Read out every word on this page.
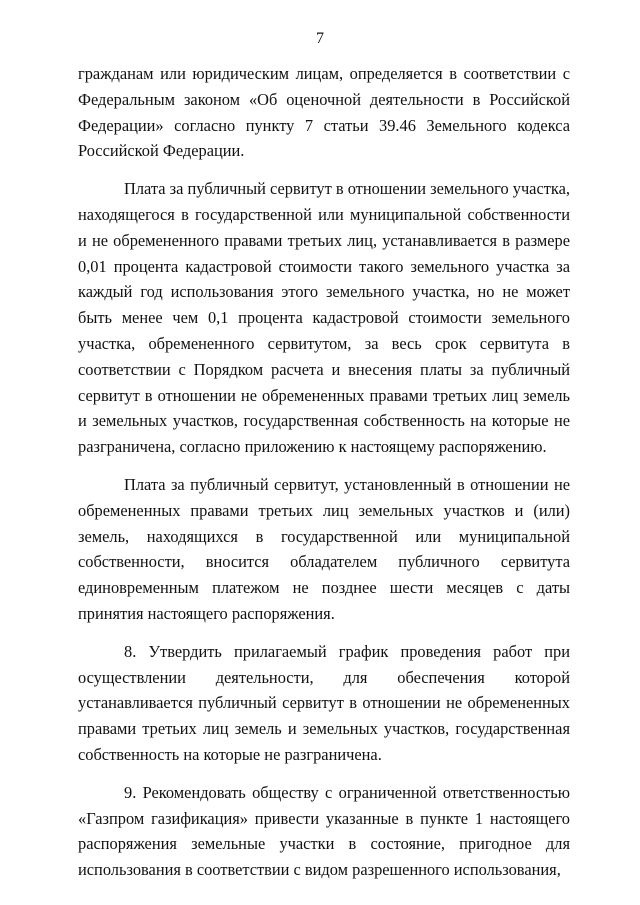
7

гражданам или юридическим лицам, определяется в соответствии с Федеральным законом «Об оценочной деятельности в Российской Федерации» согласно пункту 7 статьи 39.46 Земельного кодекса Российской Федерации.

Плата за публичный сервитут в отношении земельного участка, находящегося в государственной или муниципальной собственности и не обремененного правами третьих лиц, устанавливается в размере 0,01 процента кадастровой стоимости такого земельного участка за каждый год использования этого земельного участка, но не может быть менее чем 0,1 процента кадастровой стоимости земельного участка, обремененного сервитутом, за весь срок сервитута в соответствии с Порядком расчета и внесения платы за публичный сервитут в отношении не обремененных правами третьих лиц земель и земельных участков, государственная собственность на которые не разграничена, согласно приложению к настоящему распоряжению.

Плата за публичный сервитут, установленный в отношении не обремененных правами третьих лиц земельных участков и (или) земель, находящихся в государственной или муниципальной собственности, вносится обладателем публичного сервитута единовременным платежом не позднее шести месяцев с даты принятия настоящего распоряжения.

8. Утвердить прилагаемый график проведения работ при осуществлении деятельности, для обеспечения которой устанавливается публичный сервитут в отношении не обремененных правами третьих лиц земель и земельных участков, государственная собственность на которые не разграничена.

9. Рекомендовать обществу с ограниченной ответственностью «Газпром газификация» привести указанные в пункте 1 настоящего распоряжения земельные участки в состояние, пригодное для использования в соответствии с видом разрешенного использования,
